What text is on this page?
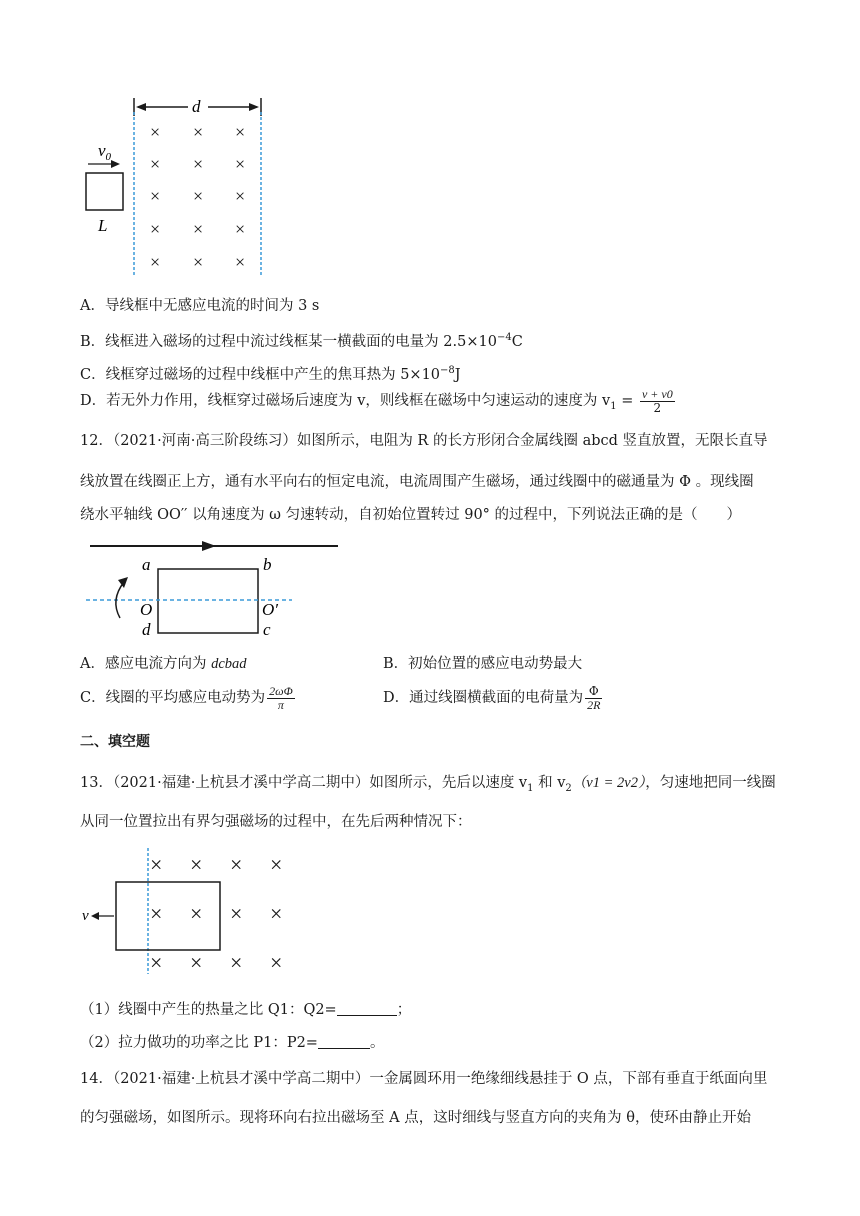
d
× × ×
× × ×
× × ×
× × ×
× × ×
$v_0$
L
A．导线框中无感应电流的时间为 3 s
B．线框进入磁场的过程中流过线框某一横截面的电量为 $2.5\times 10^{-4}C$
C．线框穿过磁场的过程中线框中产生的焦耳热为 $5\times 10^{-8}J$
D．若无外力作用，线框穿过磁场后速度为 v，则线框在磁场中匀速运动的速度为 $v_1 = \frac{v + v0}{2}$
12．（2021·河南·高三阶段练习）如图所示，电阻为 R 的长方形闭合金属线圈 abcd 竖直放置，无限长直导
线放置在线圈正上方，通有水平向右的恒定电流，电流周围产生磁场，通过线圈中的磁通量为 Φ 。现线圈
绕水平轴线 OO′′ 以角速度为 ω 匀速转动，自初始位置转过 90° 的过程中，下列说法正确的是（　　）
a	b
O	O′
d	c
A．感应电流方向为 dcbad	B．初始位置的感应电动势最大
C．线圈的平均感应电动势为 $\frac{2\omega\Phi}{\pi}$	D．通过线圈横截面的电荷量为 $\frac{\Phi}{2R}$
二、填空题
13．（2021·福建·上杭县才溪中学高二期中）如图所示，先后以速度 $v_1$ 和 $v_2(v1 = 2v2)$，匀速地把同一线圈
从同一位置拉出有界匀强磁场的过程中，在先后两种情况下：
× × × ×
× × × ×
× × × ×
v
（1）线圈中产生的热量之比 Q1：Q2=	；
（2）拉力做功的功率之比 P1：P2=	。
14．（2021·福建·上杭县才溪中学高二期中）一金属圆环用一绝缘细线悬挂于 O 点，下部有垂直于纸面向里
的匀强磁场，如图所示。现将环向右拉出磁场至 A 点，这时细线与竖直方向的夹角为 θ，使环由静止开始
